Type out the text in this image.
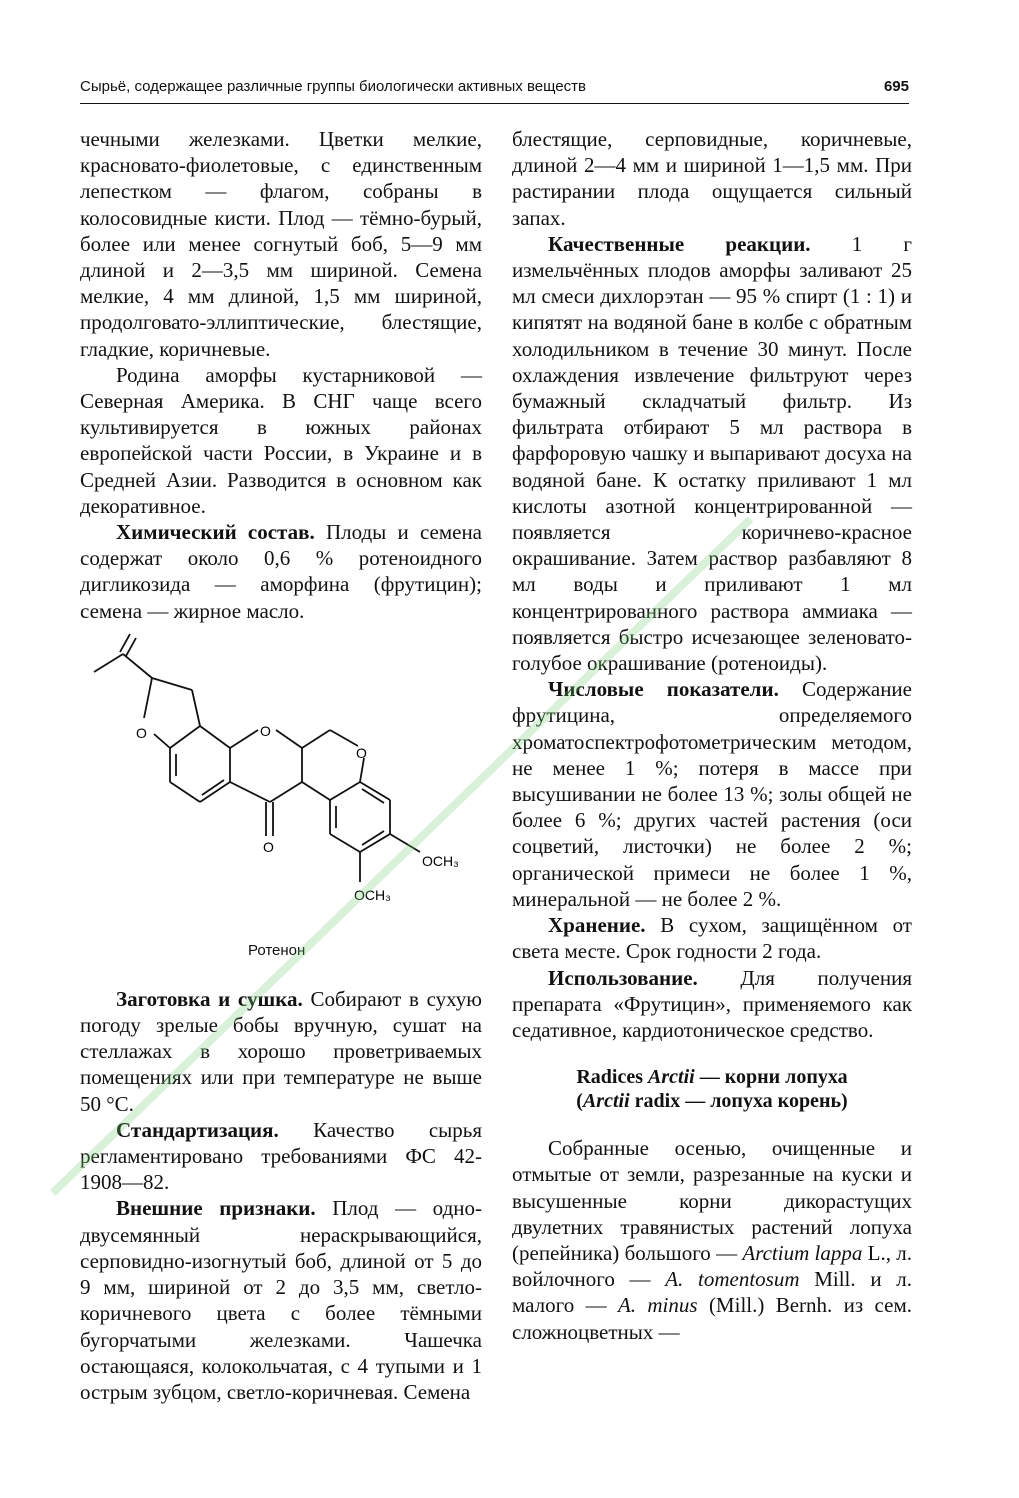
Сырьё, содержащее различные группы биологически активных веществ	695

чечными железками. Цветки мелкие, красновато-фиолетовые, с единственным лепестком — флагом, собраны в колосовидные кисти. Плод — тёмно-бурый, более или менее согнутый боб, 5—9 мм длиной и 2—3,5 мм шириной. Семена мелкие, 4 мм длиной, 1,5 мм шириной, продолговато-эллиптические, блестящие, гладкие, коричневые.

Родина аморфы кустарниковой — Северная Америка. В СНГ чаще всего культивируется в южных районах европейской части России, в Украине и в Средней Азии. Разводится в основном как декоративное.

Химический состав. Плоды и семена содержат около 0,6 % ротеноидного дигликозида — аморфина (фрутицин); семена — жирное масло.

O	O
O
O
OCH₃
OCH₃
Ротенон

Заготовка и сушка. Собирают в сухую погоду зрелые бобы вручную, сушат на стеллажах в хорошо проветриваемых помещениях или при температуре не выше 50 °С.

Стандартизация. Качество сырья регламентировано требованиями ФС 42-1908—82.

Внешние признаки. Плод — одно-двусемянный нераскрывающийся, серповидно-изогнутый боб, длиной от 5 до 9 мм, шириной от 2 до 3,5 мм, светло-коричневого цвета с более тёмными бугорчатыми железками. Чашечка остающаяся, колокольчатая, с 4 тупыми и 1 острым зубцом, светло-коричневая. Семена

блестящие, серповидные, коричневые, длиной 2—4 мм и шириной 1—1,5 мм. При растирании плода ощущается сильный запах.

Качественные реакции. 1 г измельчённых плодов аморфы заливают 25 мл смеси дихлорэтан — 95 % спирт (1 : 1) и кипятят на водяной бане в колбе с обратным холодильником в течение 30 минут. После охлаждения извлечение фильтруют через бумажный складчатый фильтр. Из фильтрата отбирают 5 мл раствора в фарфоровую чашку и выпаривают досуха на водяной бане. К остатку приливают 1 мл кислоты азотной концентрированной — появляется коричнево-красное окрашивание. Затем раствор разбавляют 8 мл воды и приливают 1 мл концентрированного раствора аммиака — появляется быстро исчезающее зеленовато-голубое окрашивание (ротеноиды).

Числовые показатели. Содержание фрутицина, определяемого хроматоспектрофотометрическим методом, не менее 1 %; потеря в массе при высушивании не более 13 %; золы общей не более 6 %; других частей растения (оси соцветий, листочки) не более 2 %; органической примеси не более 1 %, минеральной — не более 2 %.

Хранение. В сухом, защищённом от света месте. Срок годности 2 года.

Использование. Для получения препарата «Фрутицин», применяемого как седативное, кардиотоническое средство.

Radices Arctii — корни лопуха
(Arctii radix — лопуха корень)

Собранные осенью, очищенные и отмытые от земли, разрезанные на куски и высушенные корни дикорастущих двулетних травянистых растений лопуха (репейника) большого — Arctium lappa L., л. войлочного — A. tomentosum Mill. и л. малого — A. minus (Mill.) Bernh. из сем. сложноцветных —
